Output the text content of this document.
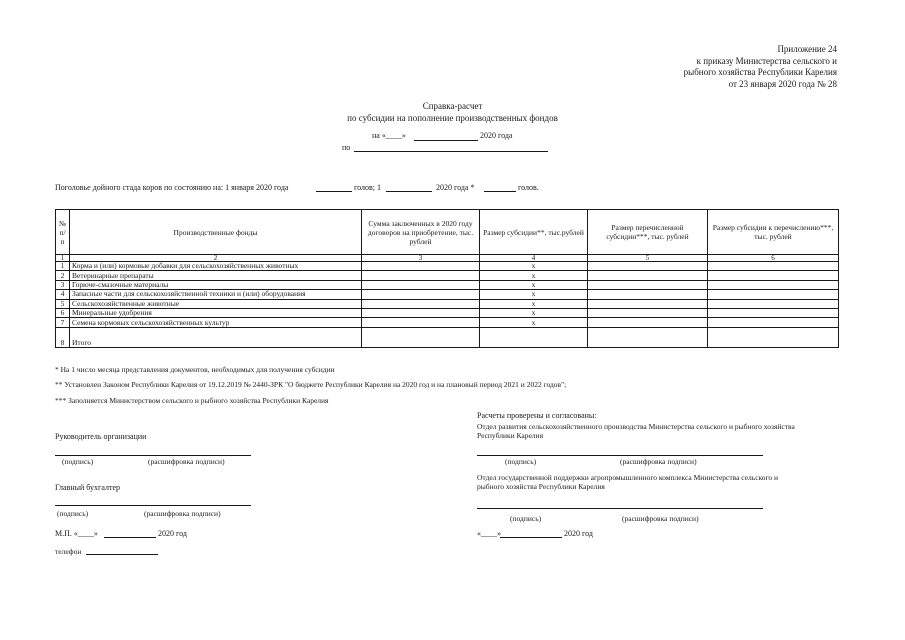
Приложение 24
к приказу Министерства сельского и
рыбного хозяйства Республики Карелия
от 23 января 2020 года № 28
Справка-расчет
по субсидии на пополнение производственных фондов
на «____»	2020 года
по
Поголовье дойного стада коров по состоянию на: 1 января 2020 года	голов; 1	2020 года *	голов.
№
п/п	Производственные фонды	Сумма заключенных в 2020 году договоров на приобретение, тыс. рублей	Размер субсидии**, тыс.рублей	Размер перечисленной субсидии***, тыс. рублей	Размер субсидии к перечислению***, тыс. рублей
1	2	3	4	5	6
1	Корма и (или) кормовые добавки для сельскохозяйственных животных		х		
2	Ветеринарные препараты		х		
3	Горюче-смазочные материалы		х		
4	Запасные части для сельскохозяйственной техники и (или) оборудования		х		
5	Сельскохозяйственные животные		х		
6	Минеральные удобрения		х		
7	Семена кормовых сельскохозяйственных культур		х		
8	Итого				
* На 1 число месяца представления документов, необходимых для получения субсидии
** Установлен Законом Республики Карелия от 19.12.2019 № 2440-ЗРК "О бюджете Республики Карелия на 2020 год и на плановый период 2021 и 2022 годов";
*** Заполняется Министерством сельского и рыбного хозяйства Республики Карелия
Руководитель организации
(подпись)	(расшифровка подписи)
Главный бухгалтер
(подпись)	(расшифровка подписи)
М.П. «____»	2020 год
телефон
Расчеты проверены и согласованы:
Отдел развития сельскохозяйственного производства Министерства сельского и рыбного хозяйства
Республики Карелия
(подпись)	(расшифровка подписи)
Отдел государственной поддержки агропромышленного комплекса Министерства сельского и
рыбного хозяйства Республики Карелия
(подпись)	(расшифровка подписи)
«____»	2020 год
